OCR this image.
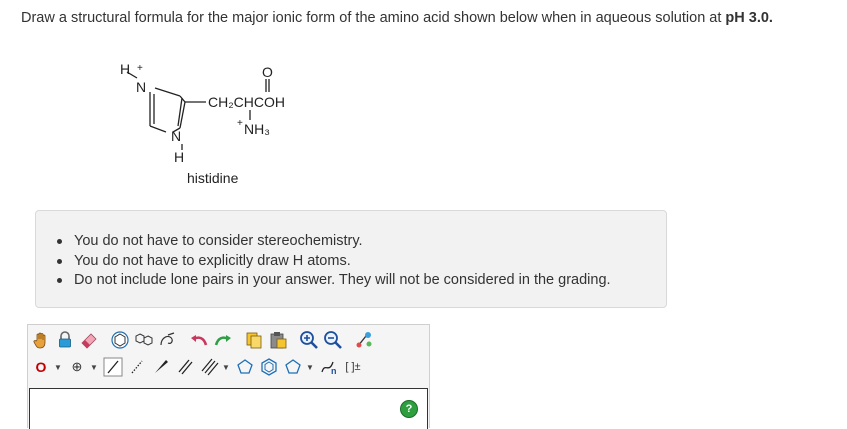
Draw a structural formula for the major ionic form of the amino acid shown below when in aqueous solution at pH 3.0.
H +
N
N
H
CH₂CHCOH
O
+ NH₃
histidine
You do not have to consider stereochemistry.
You do not have to explicitly draw H atoms.
Do not include lone pairs in your answer. They will not be considered in the grading.
O ▼ ⊕ ▼	▼	▼ n [ ]±
?
